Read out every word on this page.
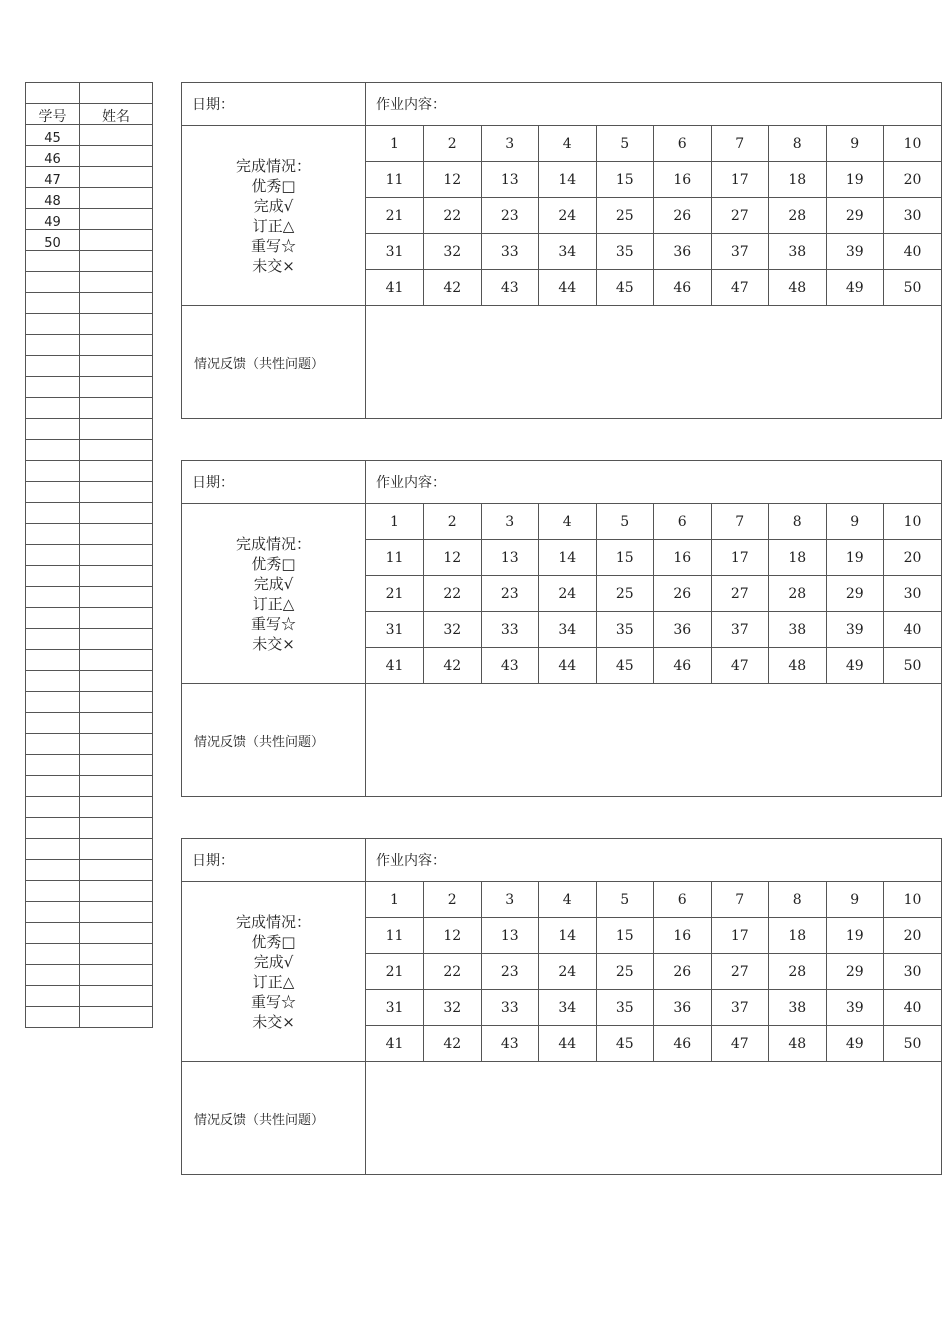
学号	姓名
45	
46	
47	
48	
49	
50	

日期：	作业内容：

完成情况：
优秀□
完成√
订正△
重写☆
未交×

1	2	3	4	5	6	7	8	9	10
11	12	13	14	15	16	17	18	19	20
21	22	23	24	25	26	27	28	29	30
31	32	33	34	35	36	37	38	39	40
41	42	43	44	45	46	47	48	49	50

情况反馈（共性问题）	
日期：	作业内容：

完成情况：
优秀□
完成√
订正△
重写☆
未交×

1	2	3	4	5	6	7	8	9	10
11	12	13	14	15	16	17	18	19	20
21	22	23	24	25	26	27	28	29	30
31	32	33	34	35	36	37	38	39	40
41	42	43	44	45	46	47	48	49	50

情况反馈（共性问题）	
日期：	作业内容：

完成情况：
优秀□
完成√
订正△
重写☆
未交×

1	2	3	4	5	6	7	8	9	10
11	12	13	14	15	16	17	18	19	20
21	22	23	24	25	26	27	28	29	30
31	32	33	34	35	36	37	38	39	40
41	42	43	44	45	46	47	48	49	50

情况反馈（共性问题）	
